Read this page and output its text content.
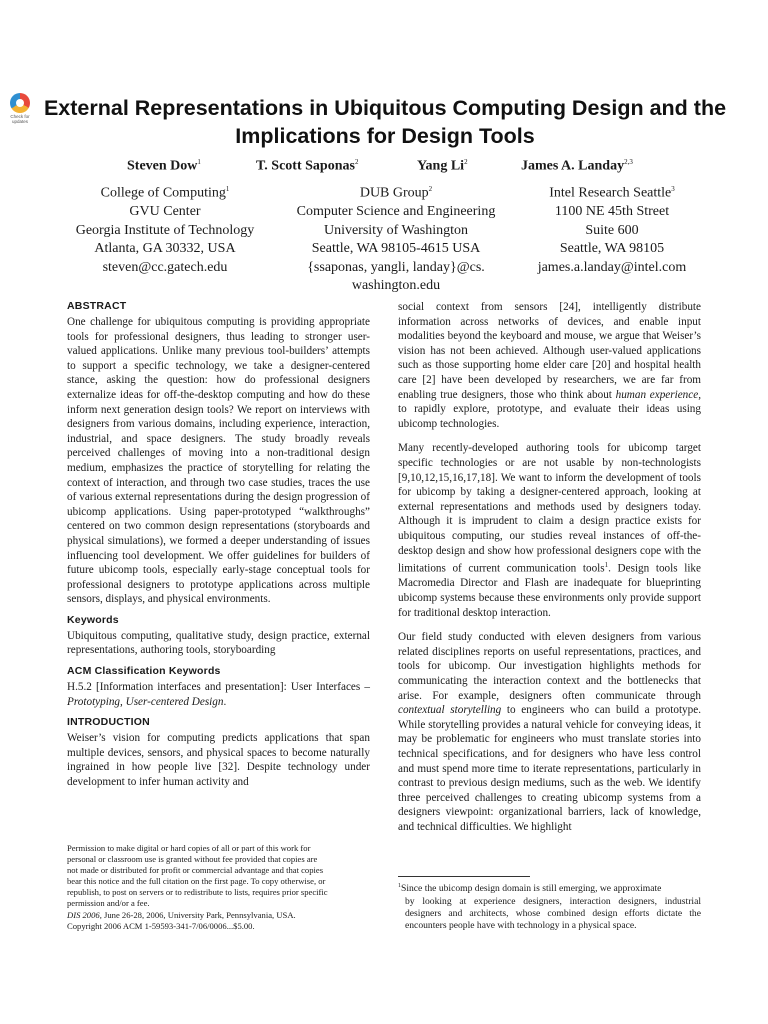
Check for
updates
External Representations in Ubiquitous Computing Design and the Implications for Design Tools
Steven Dow$^1$	T. Scott Saponas$^2$	Yang Li$^2$	James A. Landay$^{2,3}$
College of Computing$^1$
GVU Center
Georgia Institute of Technology
Atlanta, GA 30332, USA
steven@cc.gatech.edu
DUB Group$^2$
Computer Science and Engineering
University of Washington
Seattle, WA 98105-4615 USA
{ssaponas, yangli, landay}@cs.
washington.edu
Intel Research Seattle$^3$
1100 NE 45th Street
Suite 600
Seattle, WA 98105
james.a.landay@intel.com
ABSTRACT

One challenge for ubiquitous computing is providing appropriate tools for professional designers, thus leading to stronger user-valued applications. Unlike many previous tool-builders’ attempts to support a specific technology, we take a designer-centered stance, asking the question: how do professional designers externalize ideas for off-the-desktop computing and how do these inform next generation design tools? We report on interviews with designers from various domains, including experience, interaction, industrial, and space designers. The study broadly reveals perceived challenges of moving into a non-traditional design medium, emphasizes the practice of storytelling for relating the context of interaction, and through two case studies, traces the use of various external representations during the design progression of ubicomp applications. Using paper-prototyped “walkthroughs” centered on two common design representations (storyboards and physical simulations), we formed a deeper understanding of issues influencing tool development. We offer guidelines for builders of future ubicomp tools, especially early-stage conceptual tools for professional designers to prototype applications across multiple sensors, displays, and physical environments.

Keywords

Ubiquitous computing, qualitative study, design practice, external representations, authoring tools, storyboarding

ACM Classification Keywords

H.5.2 [Information interfaces and presentation]: User Interfaces – Prototyping, User-centered Design.

INTRODUCTION

Weiser’s vision for computing predicts applications that span multiple devices, sensors, and physical spaces to become naturally ingrained in how people live [32]. Despite technology under development to infer human activity and

Permission to make digital or hard copies of all or part of this work for
personal or classroom use is granted without fee provided that copies are
not made or distributed for profit or commercial advantage and that copies
bear this notice and the full citation on the first page. To copy otherwise, or
republish, to post on servers or to redistribute to lists, requires prior specific
permission and/or a fee.
DIS 2006, June 26-28, 2006, University Park, Pennsylvania, USA.
Copyright 2006 ACM 1-59593-341-7/06/0006...$5.00.

social context from sensors [24], intelligently distribute information across networks of devices, and enable input modalities beyond the keyboard and mouse, we argue that Weiser’s vision has not been achieved. Although user-valued applications such as those supporting home elder care [20] and hospital health care [2] have been developed by researchers, we are far from enabling true designers, those who think about human experience, to rapidly explore, prototype, and evaluate their ideas using ubicomp technologies.

Many recently-developed authoring tools for ubicomp target specific technologies or are not usable by non-technologists [9,10,12,15,16,17,18]. We want to inform the development of tools for ubicomp by taking a designer-centered approach, looking at external representations and methods used by designers today. Although it is imprudent to claim a design practice exists for ubiquitous computing, our studies reveal instances of off-the-desktop design and show how professional designers cope with the limitations of current communication tools$^1$. Design tools like Macromedia Director and Flash are inadequate for blueprinting ubicomp systems because these environments only provide support for traditional desktop interaction.

Our field study conducted with eleven designers from various related disciplines reports on useful representations, practices, and tools for ubicomp. Our investigation highlights methods for communicating the interaction context and the bottlenecks that arise. For example, designers often communicate through contextual storytelling to engineers who can build a prototype. While storytelling provides a natural vehicle for conveying ideas, it may be problematic for engineers who must translate stories into technical specifications, and for designers who have less control and must spend more time to iterate representations, particularly in contrast to previous design mediums, such as the web. We identify three perceived challenges to creating ubicomp systems from a designers viewpoint: organizational barriers, lack of knowledge, and technical difficulties. We highlight

$^1$Since the ubicomp design domain is still emerging, we approximate
by looking at experience designers, interaction designers, industrial designers and architects, whose combined design efforts dictate the encounters people have with technology in a physical space.
